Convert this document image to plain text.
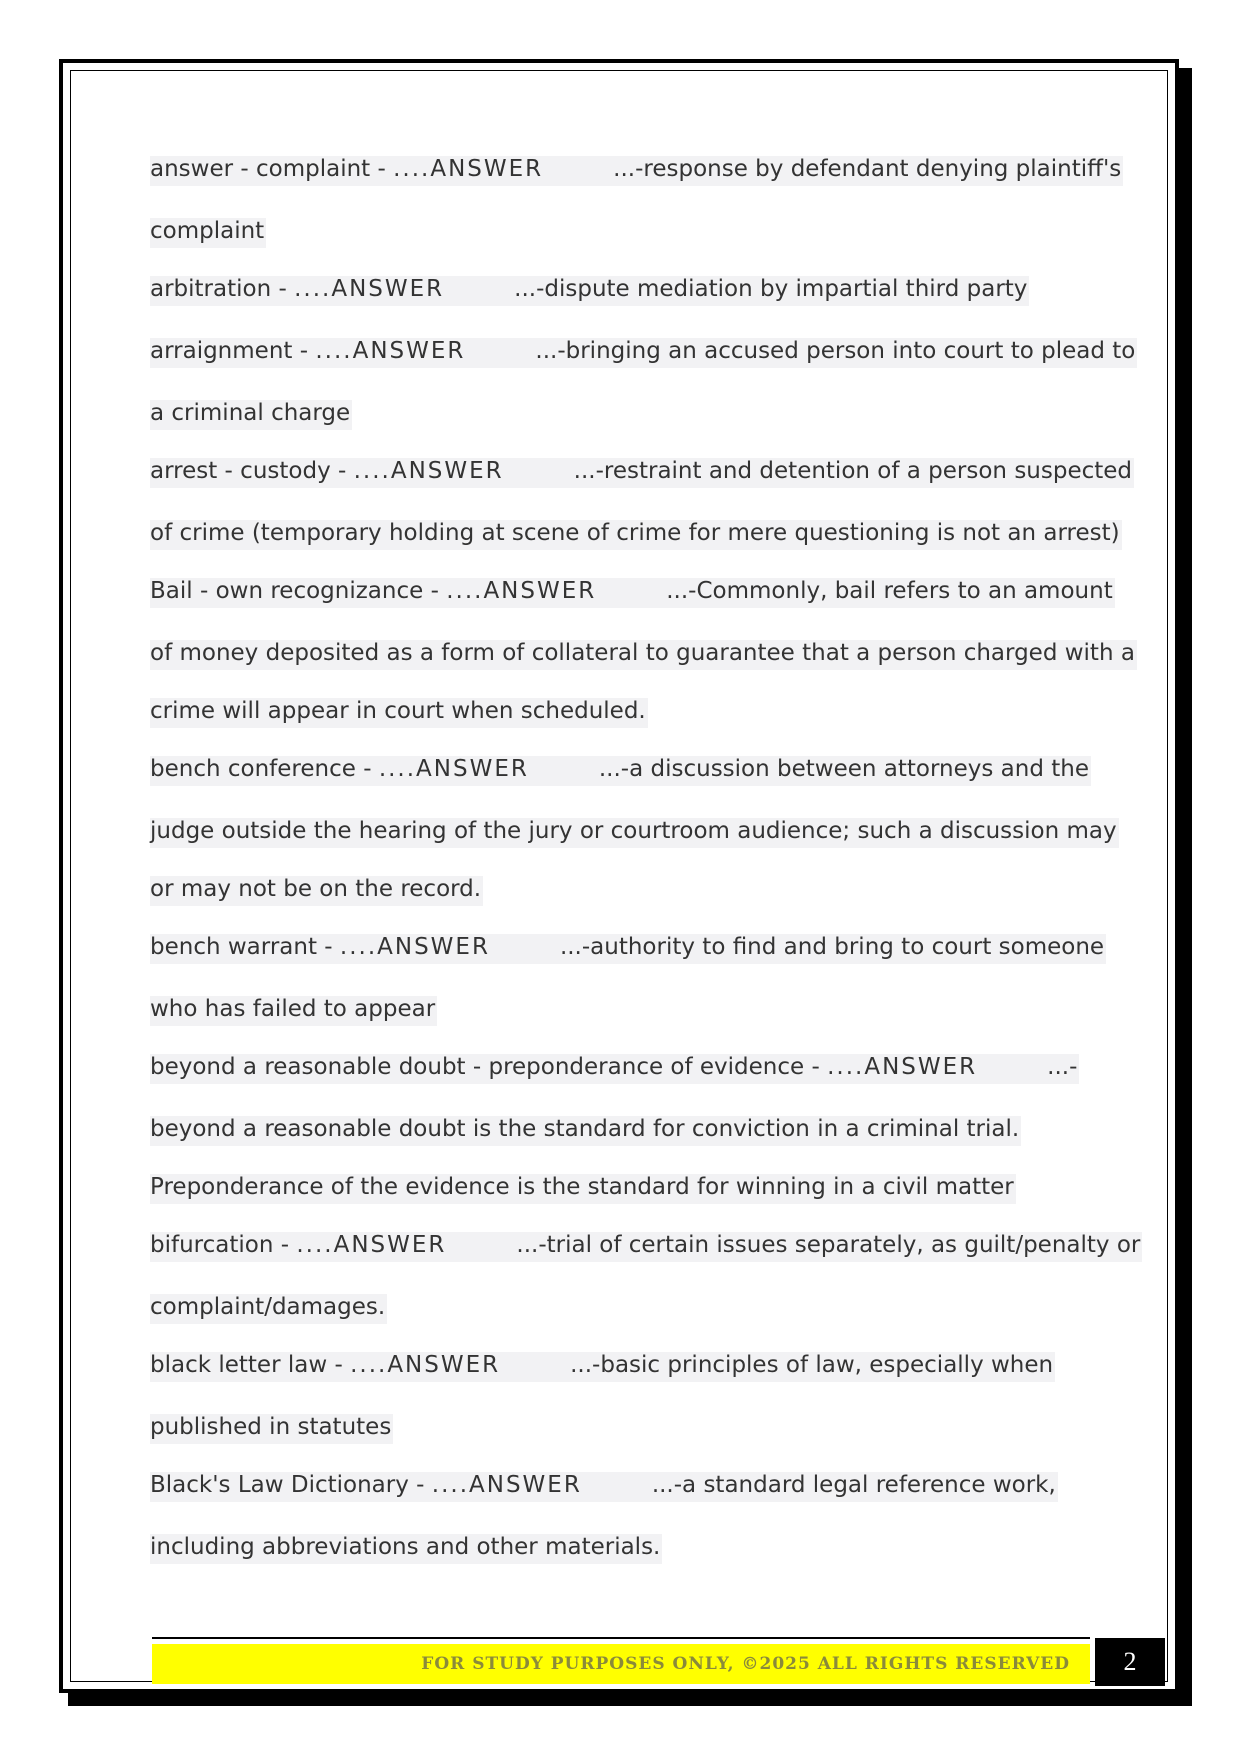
answer - complaint - ....ANSWER	...-response by defendant denying plaintiff's
complaint
arbitration - ....ANSWER	...-dispute mediation by impartial third party
arraignment - ....ANSWER	...-bringing an accused person into court to plead to
a criminal charge
arrest - custody - ....ANSWER	...-restraint and detention of a person suspected
of crime (temporary holding at scene of crime for mere questioning is not an arrest)
Bail - own recognizance - ....ANSWER	...-Commonly, bail refers to an amount
of money deposited as a form of collateral to guarantee that a person charged with a
crime will appear in court when scheduled.
bench conference - ....ANSWER	...-a discussion between attorneys and the
judge outside the hearing of the jury or courtroom audience; such a discussion may
or may not be on the record.
bench warrant - ....ANSWER	...-authority to find and bring to court someone
who has failed to appear
beyond a reasonable doubt - preponderance of evidence - ....ANSWER	...-
beyond a reasonable doubt is the standard for conviction in a criminal trial.
Preponderance of the evidence is the standard for winning in a civil matter
bifurcation - ....ANSWER	...-trial of certain issues separately, as guilt/penalty or
complaint/damages.
black letter law - ....ANSWER	...-basic principles of law, especially when
published in statutes
Black's Law Dictionary - ....ANSWER	...-a standard legal reference work,
including abbreviations and other materials.
FOR STUDY PURPOSES ONLY, ©2025 ALL RIGHTS RESERVED	2
